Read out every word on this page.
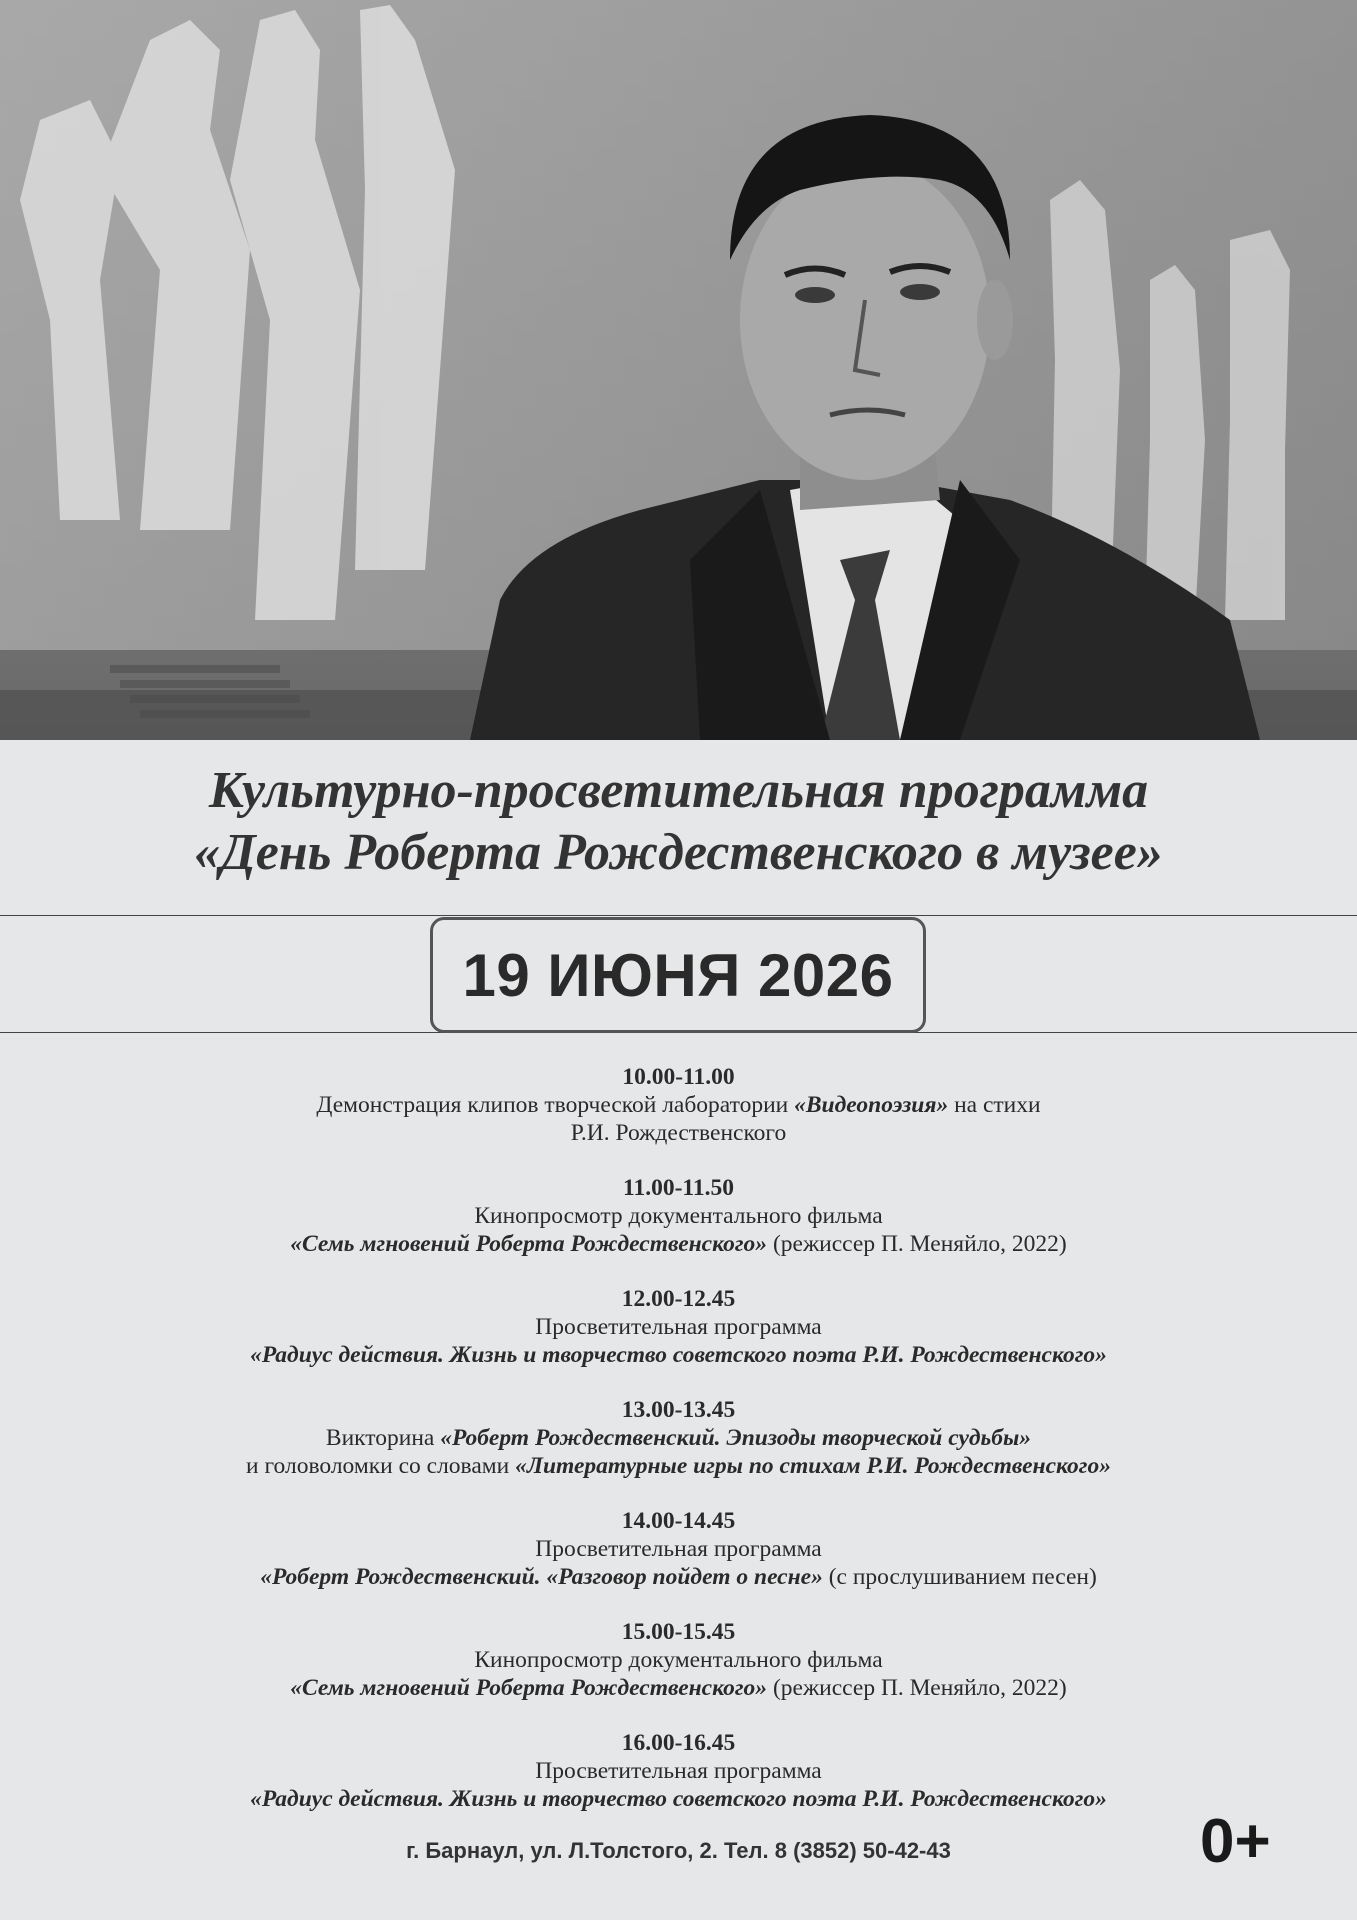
Культурно-просветительная программа
«День Роберта Рождественского в музее»
19 ИЮНЯ 2026
10.00-11.00
Демонстрация клипов творческой лаборатории «Видеопоэзия» на стихи
Р.И. Рождественского
11.00-11.50
Кинопросмотр документального фильма
«Семь мгновений Роберта Рождественского» (режиссер П. Меняйло, 2022)
12.00-12.45
Просветительная программа
«Радиус действия. Жизнь и творчество советского поэта Р.И. Рождественского»
13.00-13.45
Викторина «Роберт Рождественский. Эпизоды творческой судьбы»
и головоломки со словами «Литературные игры по стихам Р.И. Рождественского»
14.00-14.45
Просветительная программа
«Роберт Рождественский. «Разговор пойдет о песне» (с прослушиванием песен)
15.00-15.45
Кинопросмотр документального фильма
«Семь мгновений Роберта Рождественского» (режиссер П. Меняйло, 2022)
16.00-16.45
Просветительная программа
«Радиус действия. Жизнь и творчество советского поэта Р.И. Рождественского»
г. Барнаул, ул. Л.Толстого, 2. Тел. 8 (3852) 50-42-43	0+
